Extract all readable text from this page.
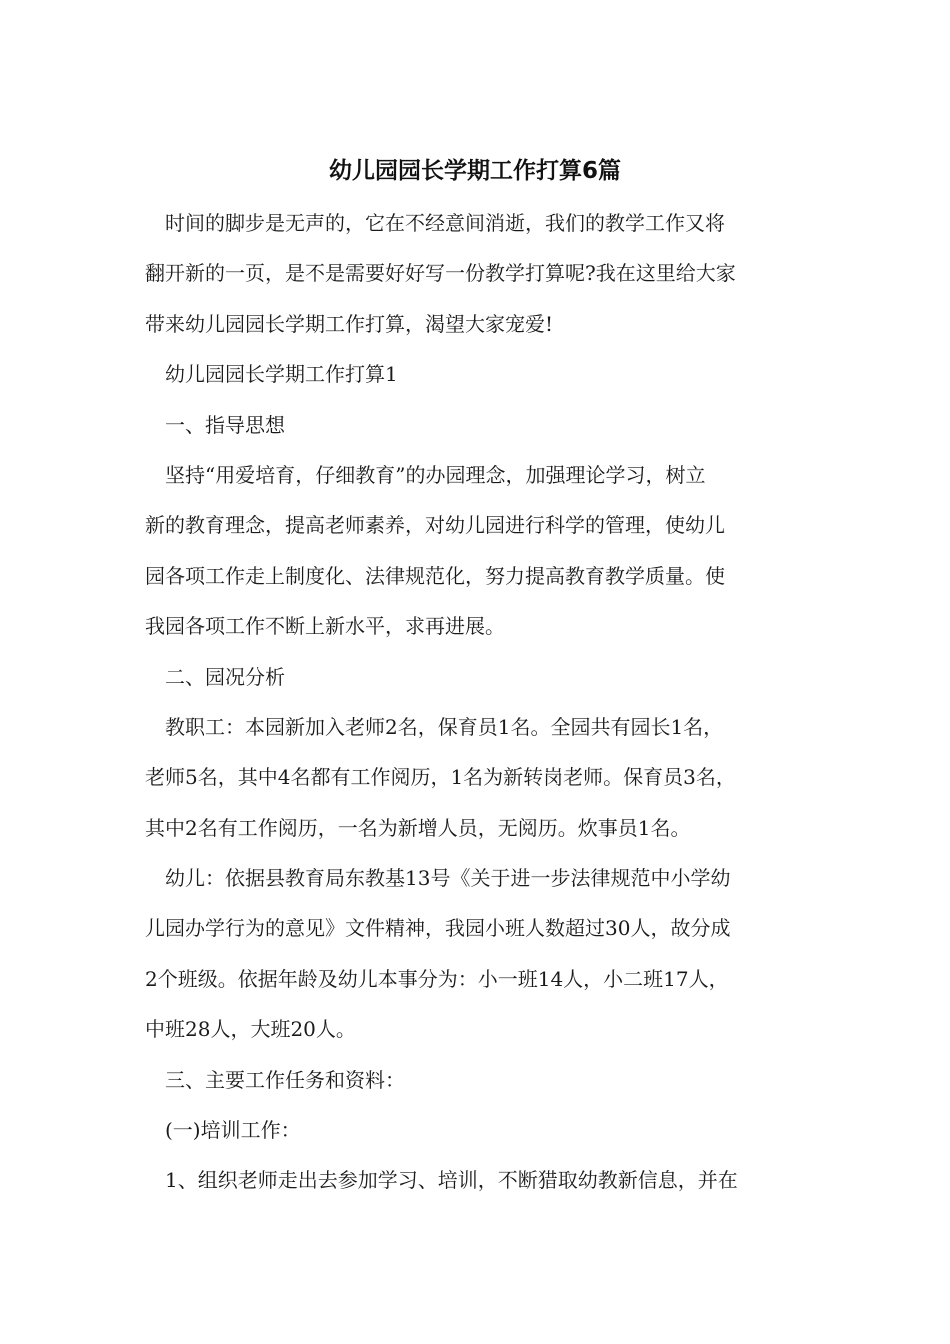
幼儿园园长学期工作打算6篇
时间的脚步是无声的，它在不经意间消逝，我们的教学工作又将
翻开新的一页，是不是需要好好写一份教学打算呢?我在这里给大家
带来幼儿园园长学期工作打算，渴望大家宠爱!
幼儿园园长学期工作打算1
一、指导思想
坚持“用爱培育，仔细教育”的办园理念，加强理论学习，树立
新的教育理念，提高老师素养，对幼儿园进行科学的管理，使幼儿
园各项工作走上制度化、法律规范化，努力提高教育教学质量。使
我园各项工作不断上新水平，求再进展。
二、园况分析
教职工：本园新加入老师2名，保育员1名。全园共有园长1名，
老师5名，其中4名都有工作阅历，1名为新转岗老师。保育员3名，
其中2名有工作阅历，一名为新增人员，无阅历。炊事员1名。
幼儿：依据县教育局东教基13号《关于进一步法律规范中小学幼
儿园办学行为的意见》文件精神，我园小班人数超过30人，故分成
2个班级。依据年龄及幼儿本事分为：小一班14人，小二班17人，
中班28人，大班20人。
三、主要工作任务和资料：
(一)培训工作：
1、组织老师走出去参加学习、培训，不断猎取幼教新信息，并在
